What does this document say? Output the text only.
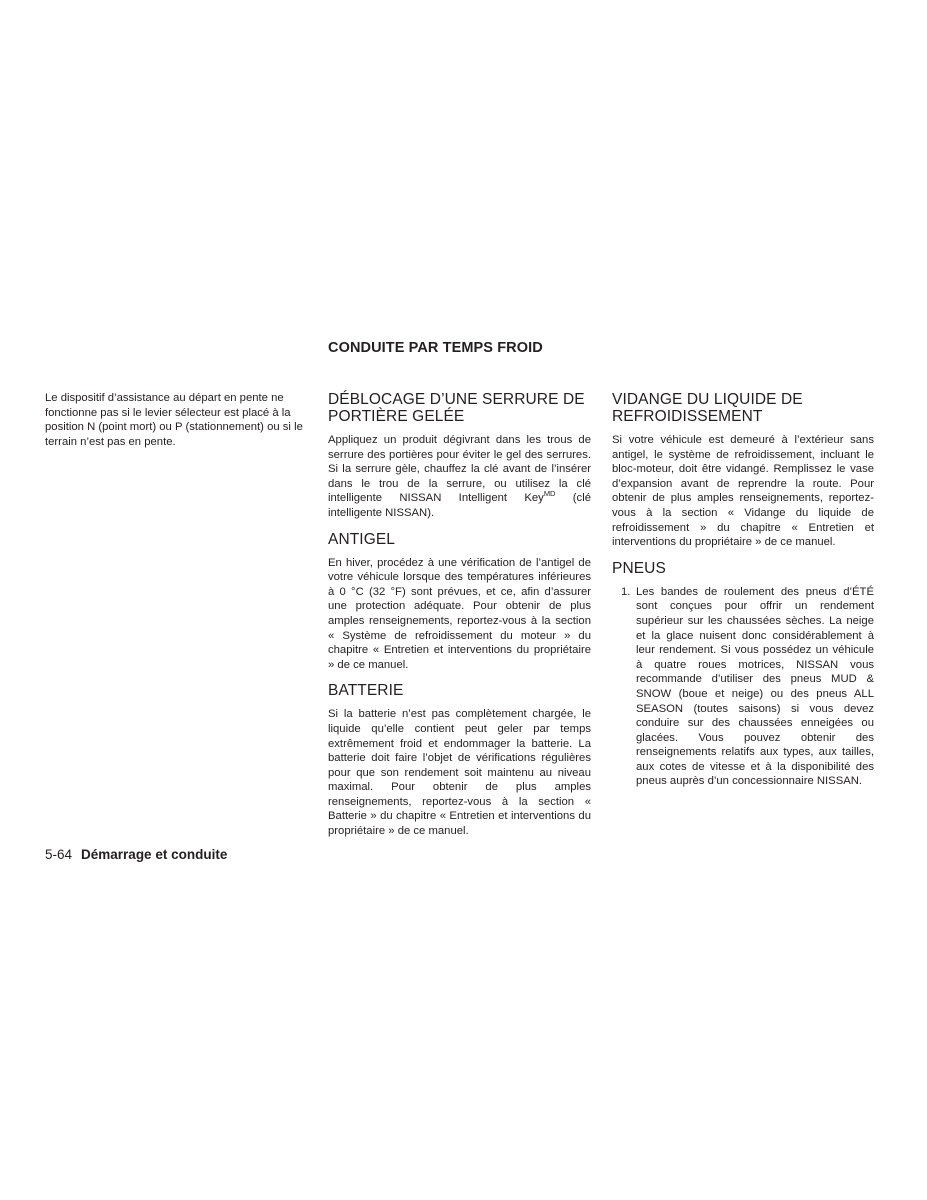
CONDUITE PAR TEMPS FROID

Le dispositif d’assistance au départ en pente ne fonctionne pas si le levier sélecteur est placé à la position N (point mort) ou P (stationnement) ou si le terrain n’est pas en pente.

DÉBLOCAGE D’UNE SERRURE DE PORTIÈRE GELÉE

Appliquez un produit dégivrant dans les trous de serrure des portières pour éviter le gel des serrures. Si la serrure gèle, chauffez la clé avant de l’insérer dans le trou de la serrure, ou utilisez la clé intelligente NISSAN Intelligent Key$^{MD}$ (clé intelligente NISSAN).

ANTIGEL

En hiver, procédez à une vérification de l’antigel de votre véhicule lorsque des températures inférieures à 0 °C (32 °F) sont prévues, et ce, afin d’assurer une protection adéquate. Pour obtenir de plus amples renseignements, reportez-vous à la section « Système de refroidissement du moteur » du chapitre « Entretien et interventions du propriétaire » de ce manuel.

BATTERIE

Si la batterie n’est pas complètement chargée, le liquide qu’elle contient peut geler par temps extrêmement froid et endommager la batterie. La batterie doit faire l’objet de vérifications régulières pour que son rendement soit maintenu au niveau maximal. Pour obtenir de plus amples renseignements, reportez-vous à la section « Batterie » du chapitre « Entretien et interventions du propriétaire » de ce manuel.

VIDANGE DU LIQUIDE DE REFROIDISSEMENT

Si votre véhicule est demeuré à l’extérieur sans antigel, le système de refroidissement, incluant le bloc-moteur, doit être vidangé. Remplissez le vase d’expansion avant de reprendre la route. Pour obtenir de plus amples renseignements, reportez-vous à la section « Vidange du liquide de refroidissement » du chapitre « Entretien et interventions du propriétaire » de ce manuel.

PNEUS
1. Les bandes de roulement des pneus d’ÉTÉ sont conçues pour offrir un rendement supérieur sur les chaussées sèches. La neige et la glace nuisent donc considérablement à leur rendement. Si vous possédez un véhicule à quatre roues motrices, NISSAN vous recommande d’utiliser des pneus MUD & SNOW (boue et neige) ou des pneus ALL SEASON (toutes saisons) si vous devez conduire sur des chaussées enneigées ou glacées. Vous pouvez obtenir des renseignements relatifs aux types, aux tailles, aux cotes de vitesse et à la disponibilité des pneus auprès d’un concessionnaire NISSAN.
5-64 Démarrage et conduite
